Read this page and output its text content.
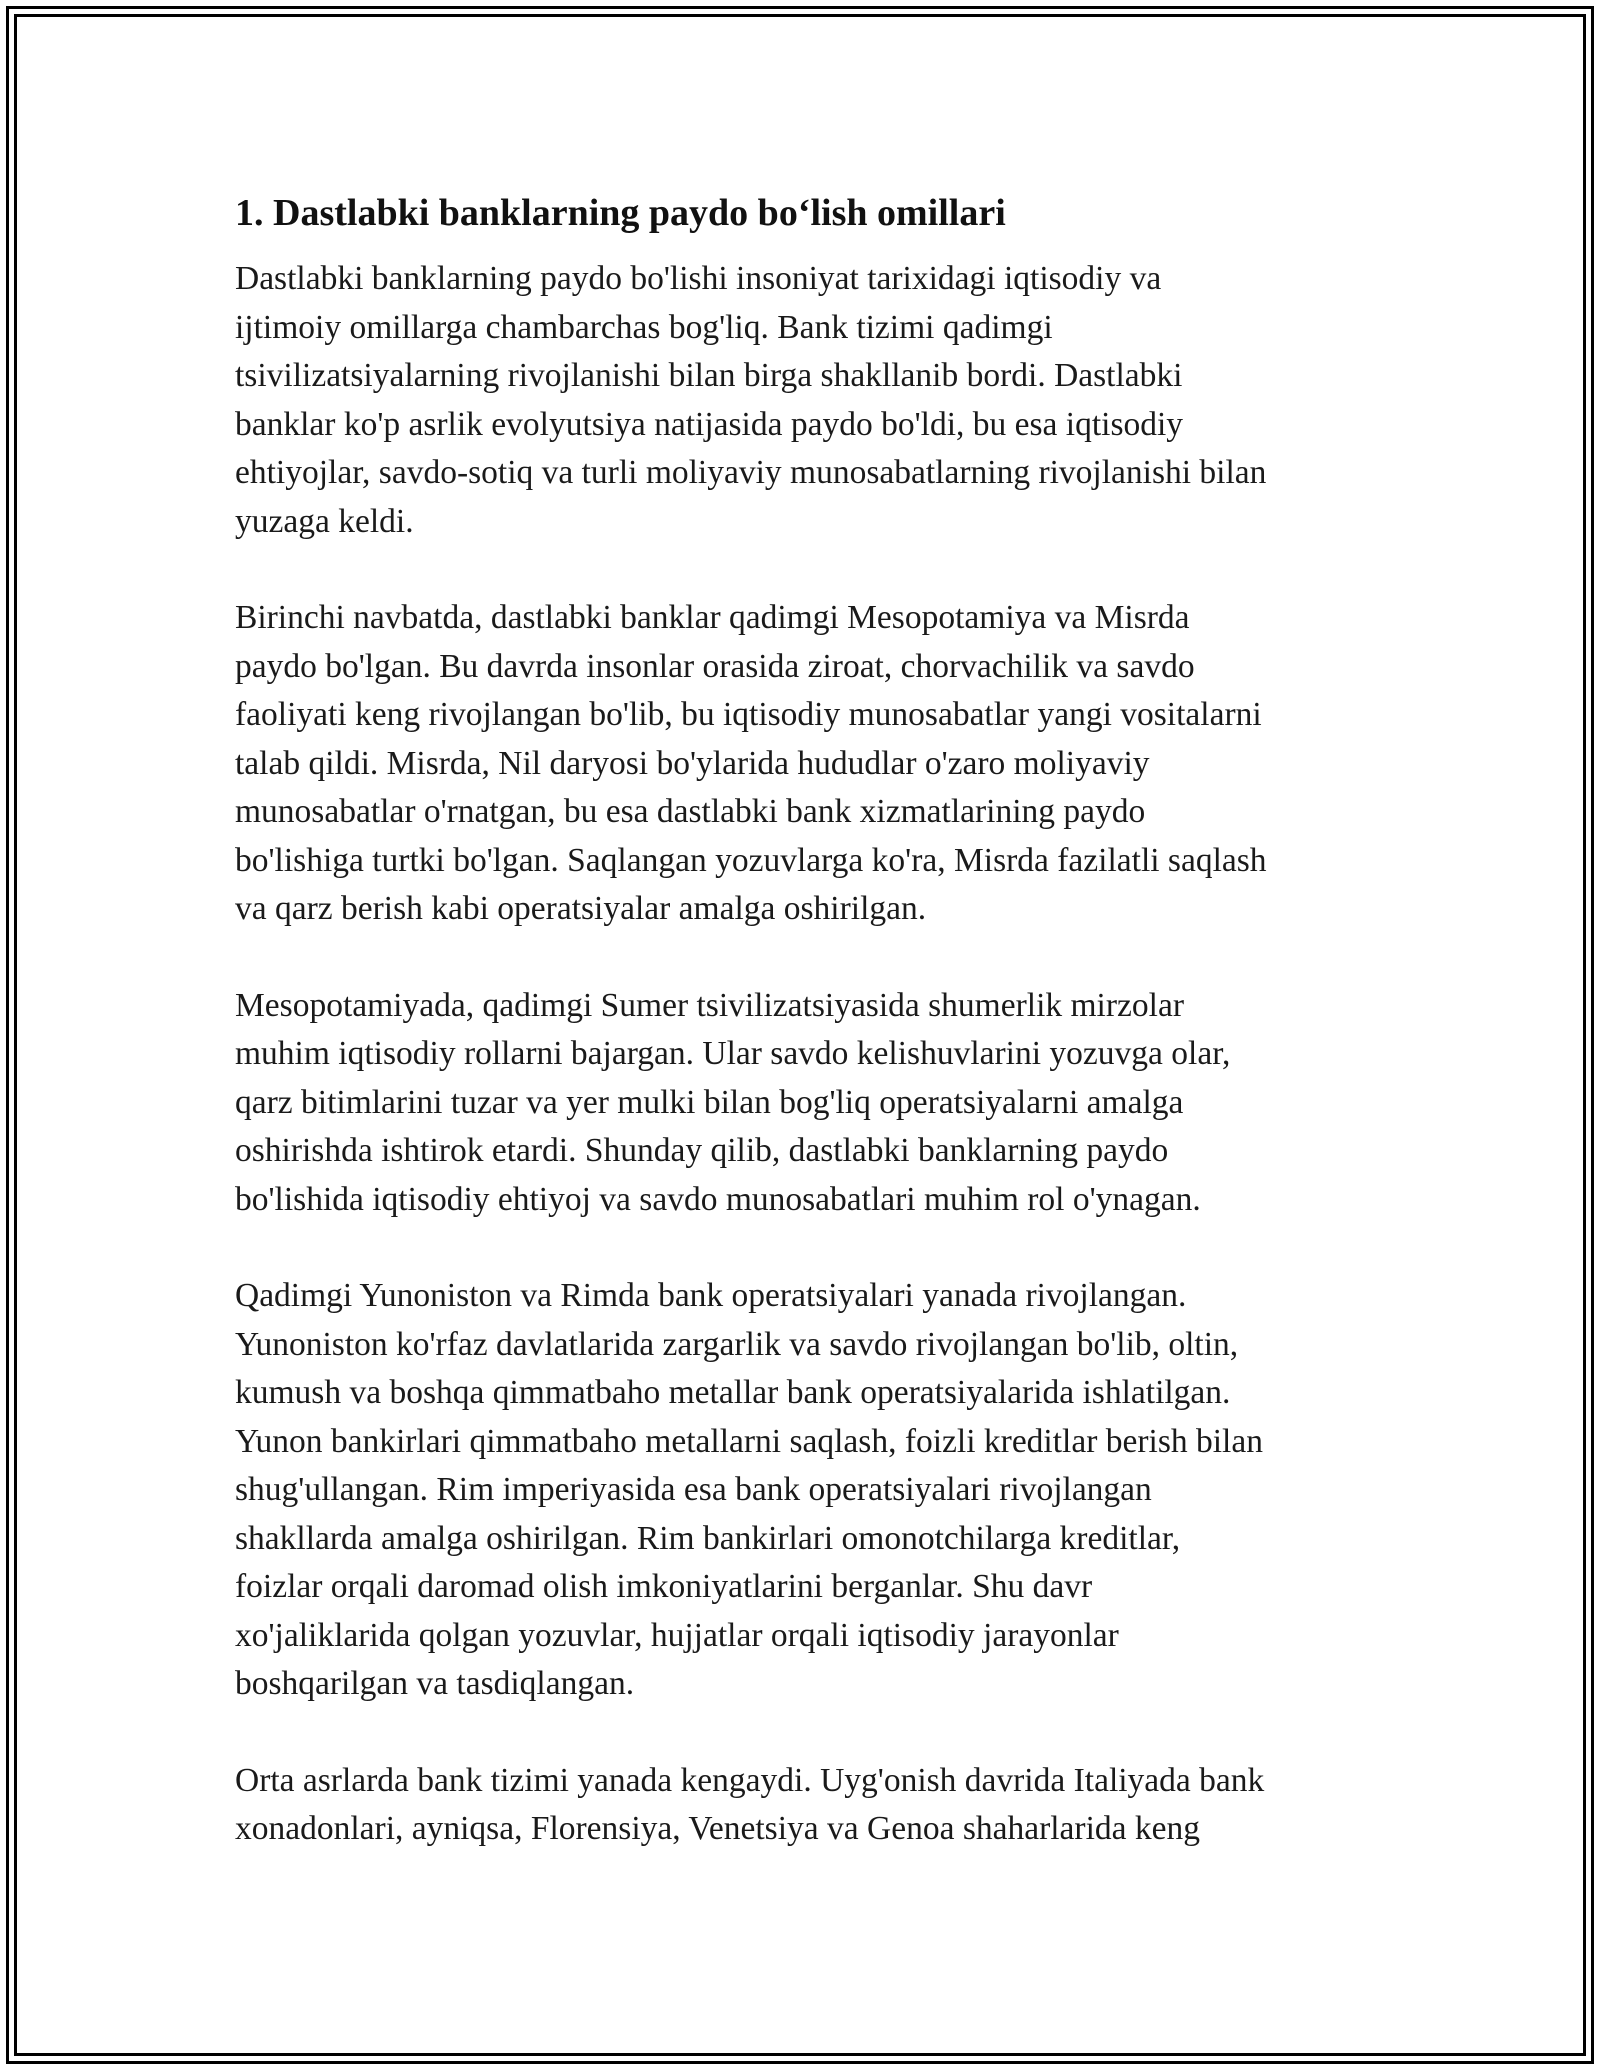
1. Dastlabki banklarning paydo bo‘lish omillari

Dastlabki banklarning paydo bo'lishi insoniyat tarixidagi iqtisodiy va
ijtimoiy omillarga chambarchas bog'liq. Bank tizimi qadimgi
tsivilizatsiyalarning rivojlanishi bilan birga shakllanib bordi. Dastlabki
banklar ko'p asrlik evolyutsiya natijasida paydo bo'ldi, bu esa iqtisodiy
ehtiyojlar, savdo-sotiq va turli moliyaviy munosabatlarning rivojlanishi bilan
yuzaga keldi.

Birinchi navbatda, dastlabki banklar qadimgi Mesopotamiya va Misrda
paydo bo'lgan. Bu davrda insonlar orasida ziroat, chorvachilik va savdo
faoliyati keng rivojlangan bo'lib, bu iqtisodiy munosabatlar yangi vositalarni
talab qildi. Misrda, Nil daryosi bo'ylarida hududlar o'zaro moliyaviy
munosabatlar o'rnatgan, bu esa dastlabki bank xizmatlarining paydo
bo'lishiga turtki bo'lgan. Saqlangan yozuvlarga ko'ra, Misrda fazilatli saqlash
va qarz berish kabi operatsiyalar amalga oshirilgan.

Mesopotamiyada, qadimgi Sumer tsivilizatsiyasida shumerlik mirzolar
muhim iqtisodiy rollarni bajargan. Ular savdo kelishuvlarini yozuvga olar,
qarz bitimlarini tuzar va yer mulki bilan bog'liq operatsiyalarni amalga
oshirishda ishtirok etardi. Shunday qilib, dastlabki banklarning paydo
bo'lishida iqtisodiy ehtiyoj va savdo munosabatlari muhim rol o'ynagan.

Qadimgi Yunoniston va Rimda bank operatsiyalari yanada rivojlangan.
Yunoniston ko'rfaz davlatlarida zargarlik va savdo rivojlangan bo'lib, oltin,
kumush va boshqa qimmatbaho metallar bank operatsiyalarida ishlatilgan.
Yunon bankirlari qimmatbaho metallarni saqlash, foizli kreditlar berish bilan
shug'ullangan. Rim imperiyasida esa bank operatsiyalari rivojlangan
shakllarda amalga oshirilgan. Rim bankirlari omonotchilarga kreditlar,
foizlar orqali daromad olish imkoniyatlarini berganlar. Shu davr
xo'jaliklarida qolgan yozuvlar, hujjatlar orqali iqtisodiy jarayonlar
boshqarilgan va tasdiqlangan.

Orta asrlarda bank tizimi yanada kengaydi. Uyg'onish davrida Italiyada bank
xonadonlari, ayniqsa, Florensiya, Venetsiya va Genoa shaharlarida keng
